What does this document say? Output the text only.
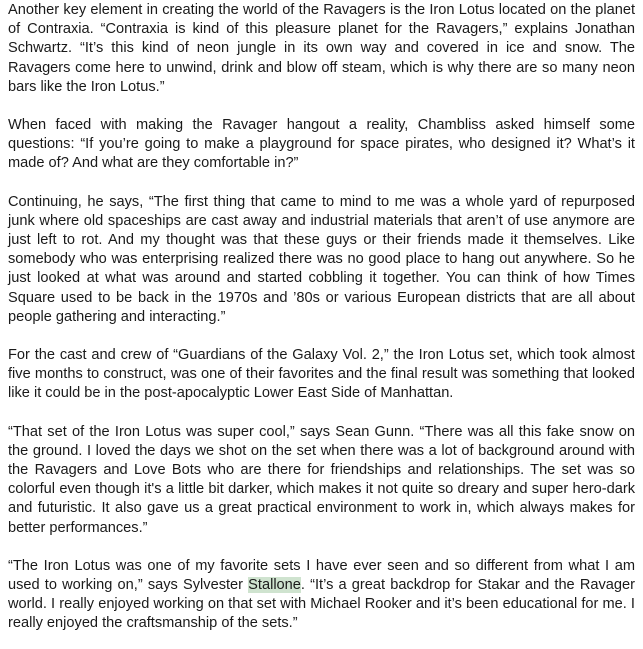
Another key element in creating the world of the Ravagers is the Iron Lotus located on the planet of Contraxia. “Contraxia is kind of this pleasure planet for the Ravagers,” explains Jonathan Schwartz. “It’s this kind of neon jungle in its own way and covered in ice and snow. The Ravagers come here to unwind, drink and blow off steam, which is why there are so many neon bars like the Iron Lotus.”

When faced with making the Ravager hangout a reality, Chambliss asked himself some questions: “If you’re going to make a playground for space pirates, who designed it? What’s it made of? And what are they comfortable in?”

Continuing, he says, “The first thing that came to mind to me was a whole yard of repurposed junk where old spaceships are cast away and industrial materials that aren’t of use anymore are just left to rot. And my thought was that these guys or their friends made it themselves. Like somebody who was enterprising realized there was no good place to hang out anywhere. So he just looked at what was around and started cobbling it together. You can think of how Times Square used to be back in the 1970s and ’80s or various European districts that are all about people gathering and interacting.”

For the cast and crew of “Guardians of the Galaxy Vol. 2,” the Iron Lotus set, which took almost five months to construct, was one of their favorites and the final result was something that looked like it could be in the post-apocalyptic Lower East Side of Manhattan.

“That set of the Iron Lotus was super cool,” says Sean Gunn. “There was all this fake snow on the ground. I loved the days we shot on the set when there was a lot of background around with the Ravagers and Love Bots who are there for friendships and relationships. The set was so colorful even though it's a little bit darker, which makes it not quite so dreary and super hero-dark and futuristic. It also gave us a great practical environment to work in, which always makes for better performances.”

“The Iron Lotus was one of my favorite sets I have ever seen and so different from what I am used to working on,” says Sylvester Stallone. “It’s a great backdrop for Stakar and the Ravager world. I really enjoyed working on that set with Michael Rooker and it’s been educational for me. I really enjoyed the craftsmanship of the sets.”
